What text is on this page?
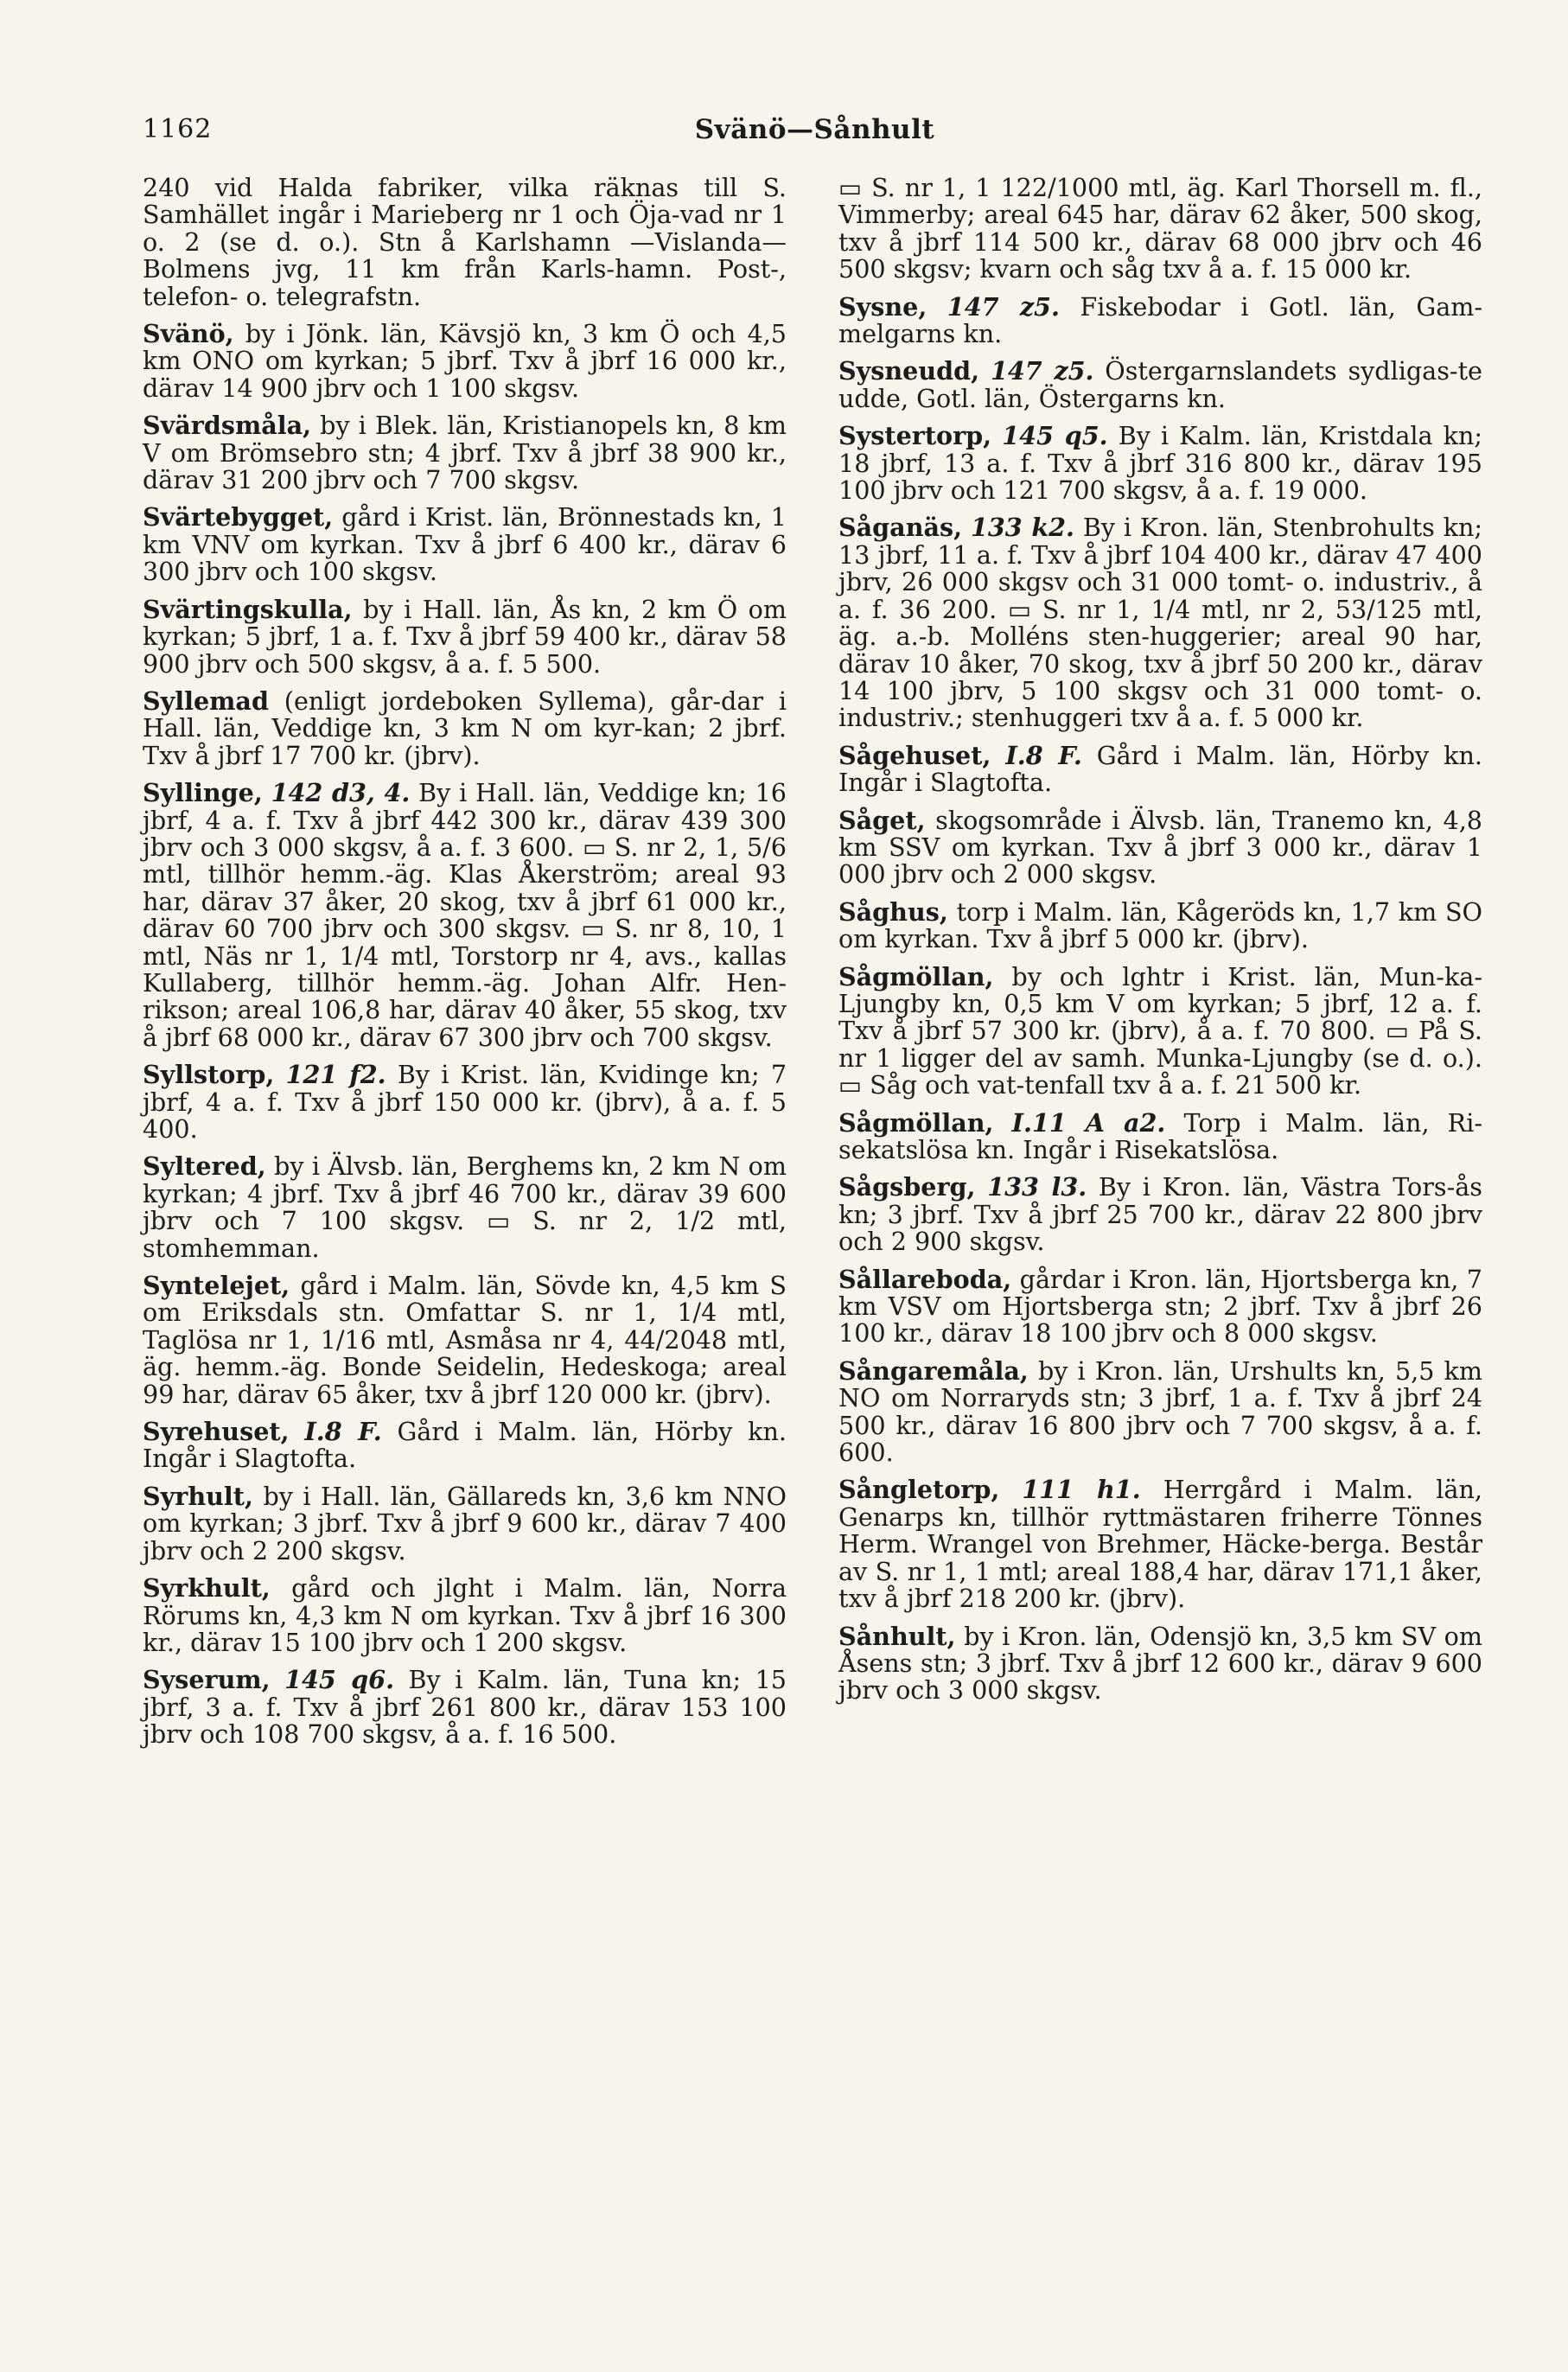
1162	Svänö—Sånhult

240 vid Halda fabriker, vilka räknas till S. Samhället ingår i Marieberg nr 1 och Öja-vad nr 1 o. 2 (se d. o.). Stn å Karlshamn —Vislanda—Bolmens jvg, 11 km från Karls-hamn. Post-, telefon- o. telegrafstn.

Svänö, by i Jönk. län, Kävsjö kn, 3 km Ö och 4,5 km ONO om kyrkan; 5 jbrf. Txv å jbrf 16 000 kr., därav 14 900 jbrv och 1 100 skgsv.

Svärdsmåla, by i Blek. län, Kristianopels kn, 8 km V om Brömsebro stn; 4 jbrf. Txv å jbrf 38 900 kr., därav 31 200 jbrv och 7 700 skgsv.

Svärtebygget, gård i Krist. län, Brönnestads kn, 1 km VNV om kyrkan. Txv å jbrf 6 400 kr., därav 6 300 jbrv och 100 skgsv.

Svärtingskulla, by i Hall. län, Ås kn, 2 km Ö om kyrkan; 5 jbrf, 1 a. f. Txv å jbrf 59 400 kr., därav 58 900 jbrv och 500 skgsv, å a. f. 5 500.

Syllemad (enligt jordeboken Syllema), går-dar i Hall. län, Veddige kn, 3 km N om kyr-kan; 2 jbrf. Txv å jbrf 17 700 kr. (jbrv).

Syllinge, 142 d3, 4. By i Hall. län, Veddige kn; 16 jbrf, 4 a. f. Txv å jbrf 442 300 kr., därav 439 300 jbrv och 3 000 skgsv, å a. f. 3 600. ▭ S. nr 2, 1, 5/6 mtl, tillhör hemm.-äg. Klas Åkerström; areal 93 har, därav 37 åker, 20 skog, txv å jbrf 61 000 kr., därav 60 700 jbrv och 300 skgsv. ▭ S. nr 8, 10, 1 mtl, Näs nr 1, 1/4 mtl, Torstorp nr 4, avs., kallas Kullaberg, tillhör hemm.-äg. Johan Alfr. Hen-rikson; areal 106,8 har, därav 40 åker, 55 skog, txv å jbrf 68 000 kr., därav 67 300 jbrv och 700 skgsv.

Syllstorp, 121 f2. By i Krist. län, Kvidinge kn; 7 jbrf, 4 a. f. Txv å jbrf 150 000 kr. (jbrv), å a. f. 5 400.

Syltered, by i Älvsb. län, Berghems kn, 2 km N om kyrkan; 4 jbrf. Txv å jbrf 46 700 kr., därav 39 600 jbrv och 7 100 skgsv. ▭ S. nr 2, 1/2 mtl, stomhemman.

Synteleјet, gård i Malm. län, Sövde kn, 4,5 km S om Eriksdals stn. Omfattar S. nr 1, 1/4 mtl, Taglösa nr 1, 1/16 mtl, Asmåsa nr 4, 44/2048 mtl, äg. hemm.-äg. Bonde Seidelin, Hedeskoga; areal 99 har, därav 65 åker, txv å jbrf 120 000 kr. (jbrv).

Syrehuset, I.8 F. Gård i Malm. län, Hörby kn. Ingår i Slagtofta.

Syrhult, by i Hall. län, Gällareds kn, 3,6 km NNO om kyrkan; 3 jbrf. Txv å jbrf 9 600 kr., därav 7 400 jbrv och 2 200 skgsv.

Syrkhult, gård och jlght i Malm. län, Norra Rörums kn, 4,3 km N om kyrkan. Txv å jbrf 16 300 kr., därav 15 100 jbrv och 1 200 skgsv.

Syserum, 145 q6. By i Kalm. län, Tuna kn; 15 jbrf, 3 a. f. Txv å jbrf 261 800 kr., därav 153 100 jbrv och 108 700 skgsv, å a. f. 16 500.

▭ S. nr 1, 1 122/1000 mtl, äg. Karl Thorsell m. fl., Vimmerby; areal 645 har, därav 62 åker, 500 skog, txv å jbrf 114 500 kr., därav 68 000 jbrv och 46 500 skgsv; kvarn och såg txv å a. f. 15 000 kr.

Sysne, 147 z5. Fiskebodar i Gotl. län, Gam-melgarns kn.

Sysneudd, 147 z5. Östergarnslandets sydligas-te udde, Gotl. län, Östergarns kn.

Systertorp, 145 q5. By i Kalm. län, Kristdala kn; 18 jbrf, 13 a. f. Txv å jbrf 316 800 kr., därav 195 100 jbrv och 121 700 skgsv, å a. f. 19 000.

Såganäs, 133 k2. By i Kron. län, Stenbrohults kn; 13 jbrf, 11 a. f. Txv å jbrf 104 400 kr., därav 47 400 jbrv, 26 000 skgsv och 31 000 tomt- o. industriv., å a. f. 36 200. ▭ S. nr 1, 1/4 mtl, nr 2, 53/125 mtl, äg. a.-b. Molléns sten-huggerier; areal 90 har, därav 10 åker, 70 skog, txv å jbrf 50 200 kr., därav 14 100 jbrv, 5 100 skgsv och 31 000 tomt- o. industriv.; stenhuggeri txv å a. f. 5 000 kr.

Sågehuset, I.8 F. Gård i Malm. län, Hörby kn. Ingår i Slagtofta.

Såget, skogsområde i Älvsb. län, Tranemo kn, 4,8 km SSV om kyrkan. Txv å jbrf 3 000 kr., därav 1 000 jbrv och 2 000 skgsv.

Såghus, torp i Malm. län, Kågeröds kn, 1,7 km SO om kyrkan. Txv å jbrf 5 000 kr. (jbrv).

Sågmöllan, by och lghtr i Krist. län, Mun-ka-Ljungby kn, 0,5 km V om kyrkan; 5 jbrf, 12 a. f. Txv å jbrf 57 300 kr. (jbrv), å a. f. 70 800. ▭ På S. nr 1 ligger del av samh. Munka-Ljungby (se d. o.). ▭ Såg och vat-tenfall txv å a. f. 21 500 kr.

Sågmöllan, I.11 A a2. Torp i Malm. län, Ri-sekatslösa kn. Ingår i Risekatslösa.

Sågsberg, 133 l3. By i Kron. län, Västra Tors-ås kn; 3 jbrf. Txv å jbrf 25 700 kr., därav 22 800 jbrv och 2 900 skgsv.

Sållareboda, gårdar i Kron. län, Hjortsberga kn, 7 km VSV om Hjortsberga stn; 2 jbrf. Txv å jbrf 26 100 kr., därav 18 100 jbrv och 8 000 skgsv.

Sångaremåla, by i Kron. län, Urshults kn, 5,5 km NO om Norraryds stn; 3 jbrf, 1 a. f. Txv å jbrf 24 500 kr., därav 16 800 jbrv och 7 700 skgsv, å a. f. 600.

Sångletorp, 111 h1. Herrgård i Malm. län, Genarps kn, tillhör ryttmästaren friherre Tönnes Herm. Wrangel von Brehmer, Häcke-berga. Består av S. nr 1, 1 mtl; areal 188,4 har, därav 171,1 åker, txv å jbrf 218 200 kr. (jbrv).

Sånhult, by i Kron. län, Odensjö kn, 3,5 km SV om Åsens stn; 3 jbrf. Txv å jbrf 12 600 kr., därav 9 600 jbrv och 3 000 skgsv.
